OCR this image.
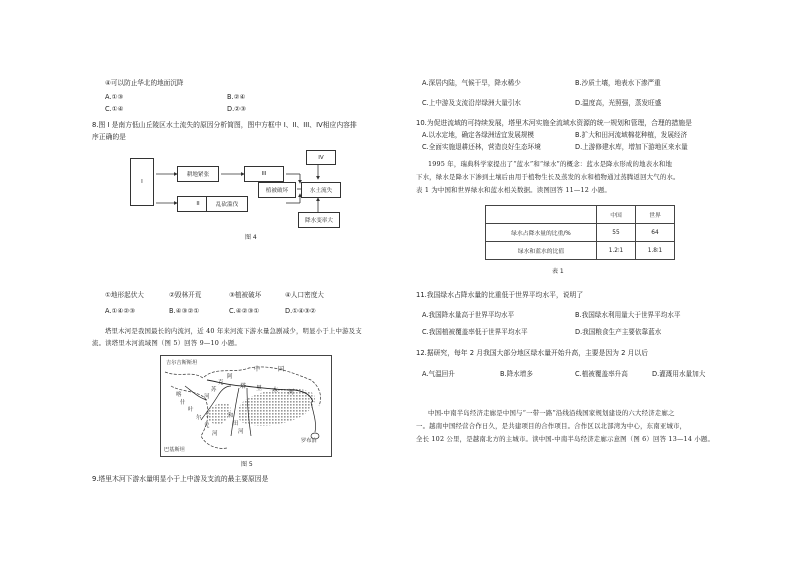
④可以防止华北的地面沉降
A.①③	B.②④
C.①④	D.②③
8.图 I 是南方低山丘陵区水土流失的原因分析简图，图中方框中 I、II、III、IV相应内容排
序正确的是
I
耕地紧张	III
II	乱砍滥伐
植被破坏	水土流失
IV
降水变率大
图 4
①地形起伏大	②毁林开荒	③植被破坏	④人口密度大
A.①④②③	B.④③②①	C.④②③①	D.①④③②
塔里木河是我国最长的内流河，近 40 年来河流下游水量急剧减少，明显小于上中游及支
流。读塔里木河流域图（图 5）回答 9—10 小题。
吉尔吉斯斯坦
中	国
阿
克
苏
河
塔 里 木 河
叶
尔
羌
河
和
田
河
喀
什
巴基斯坦
罗布泊
图 5
9.塔里木河下游水量明显小于上中游及支流的最主要原因是
A.深居内陆，气候干旱，降水稀少	B.沙质土壤，地表水下渗严重
C.上中游及支流沿岸绿洲大量引水	D.温度高，光照强，蒸发旺盛
10.为促进流域的可持续发展，塔里木河实施全流域水资源的统一规划和管理，合理的措施是
A.以水定地，确定各绿洲适宜发展规模	B.扩大和田河流域棉花种植，发展经济
C.全面实施退耕还林，营造良好生态环境	D.上游修建水库，增加下游地区来水量
1995 年，瑞典科学家提出了“蓝水”和“绿水”的概念：蓝水是降水形成的地表水和地
下水，绿水是降水下渗到土壤后由用于植物生长及蒸发的水和植物通过蒸腾返回大气的水。
表 1 为中国和世界绿水和蓝水相关数据。读图回答 11—12 小题。
	中国	世界
绿水占降水量的比重/%	55	64
绿水和蓝水的比值	1.2∶1	1.8∶1
表 1
11.我国绿水占降水量的比重低于世界平均水平，说明了
A.我国降水量高于世界平均水平	B.我国绿水利用量大于世界平均水平
C.我国植被覆盖率低于世界平均水平	D.我国粮食生产主要依靠蓝水
12.据研究，每年 2 月我国大部分地区绿水量开始升高，主要是因为 2 月以后
A.气温回升	B.降水增多	C.植被覆盖率升高	D.灌溉用水量加大
中国-中南半岛经济走廊是中国与“一带一路”沿线沿线国家规划建设的六大经济走廊之
一。越南中国经营合作日久，是共建项目的合作项目。合作区以北部湾为中心，东南亚城市，
全长 102 公里，是越南北方的主城市。读中国-中南半岛经济走廊示意图（图 6）回答 13—14 小题。
